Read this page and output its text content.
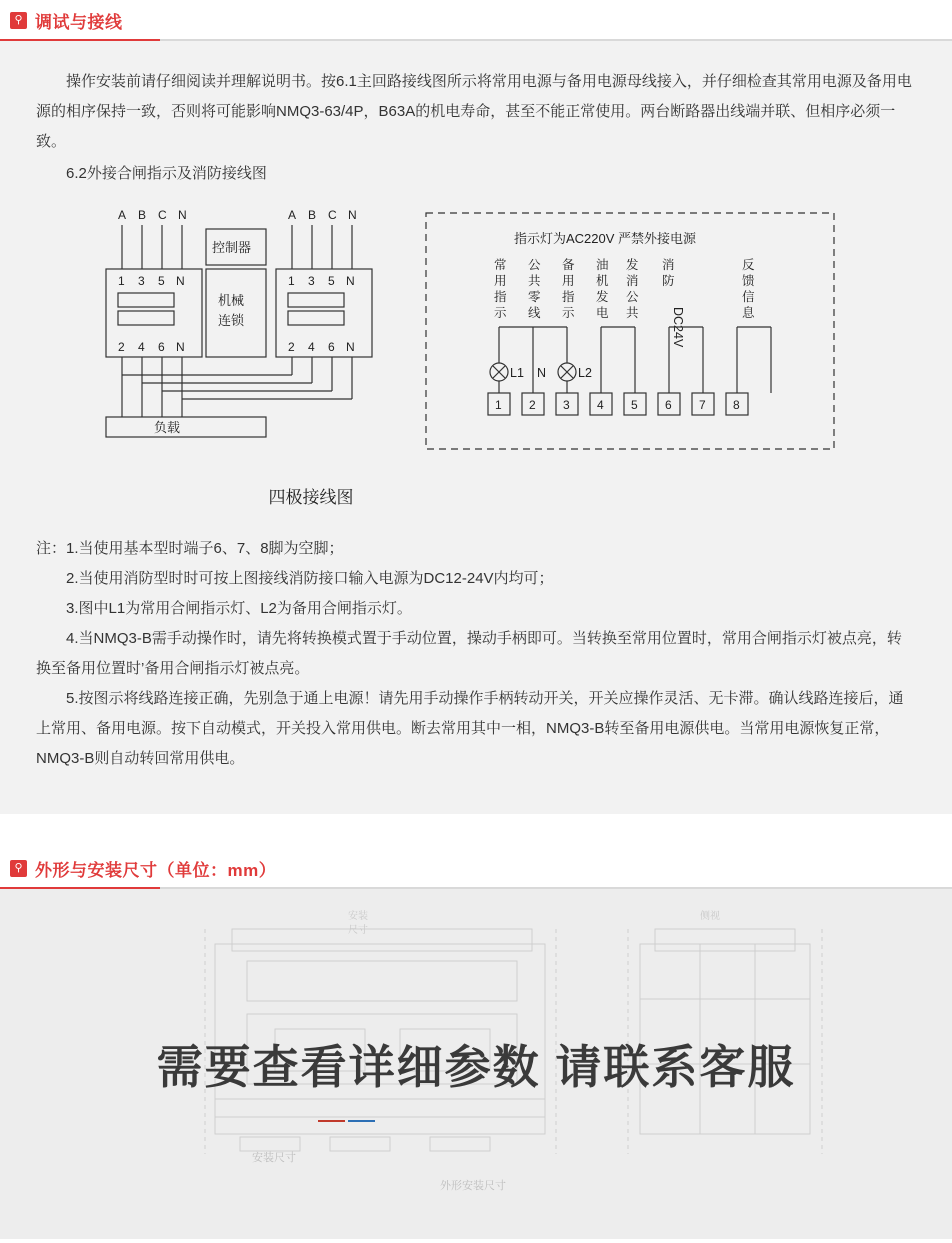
⚲ 调试与接线

操作安装前请仔细阅读并理解说明书。按6.1主回路接线图所示将常用电源与备用电源母线接入，并仔细检查其常用电源及备用电源的相序保持一致，否则将可能影响NMQ3-63/4P，B63A的机电寿命，甚至不能正常使用。两台断路器出线端并联、但相序必须一致。

6.2外接合闸指示及消防接线图

A B C N	A B C N
控制器
1 3 5 N
2 4 6 N
机械
连锁
1 3 5 N
2 4 6 N
负载
指示灯为AC220V 严禁外接电源
常
用
指
示
公
共
零
线
备
用
指
示
油
机
发
电
发
消
公
共
消
防
DC24V
反
馈
信
息
L1 N	L2
1 2 3 4 5 6 7 8
四极接线图

注：1.当使用基本型时端子6、7、8脚为空脚；

2.当使用消防型时时可按上图接线消防接口输入电源为DC12-24V内均可；

3.图中L1为常用合闸指示灯、L2为备用合闸指示灯。

4.当NMQ3-B需手动操作时，请先将转换模式置于手动位置，操动手柄即可。当转换至常用位置时，常用合闸指示灯被点亮，转换至备用位置时’备用合闸指示灯被点亮。

5.按图示将线路连接正确，先别急于通上电源！请先用手动操作手柄转动开关，开关应操作灵活、无卡滞。确认线路连接后，通上常用、备用电源。按下自动模式，开关投入常用供电。断去常用其中一相，NMQ3-B转至备用电源供电。当常用电源恢复正常，NMQ3-B则自动转回常用供电。

⚲ 外形与安装尺寸（单位：mm）
安装
尺寸
侧视
安装尺寸
外形安装尺寸
需要查看详细参数 请联系客服
